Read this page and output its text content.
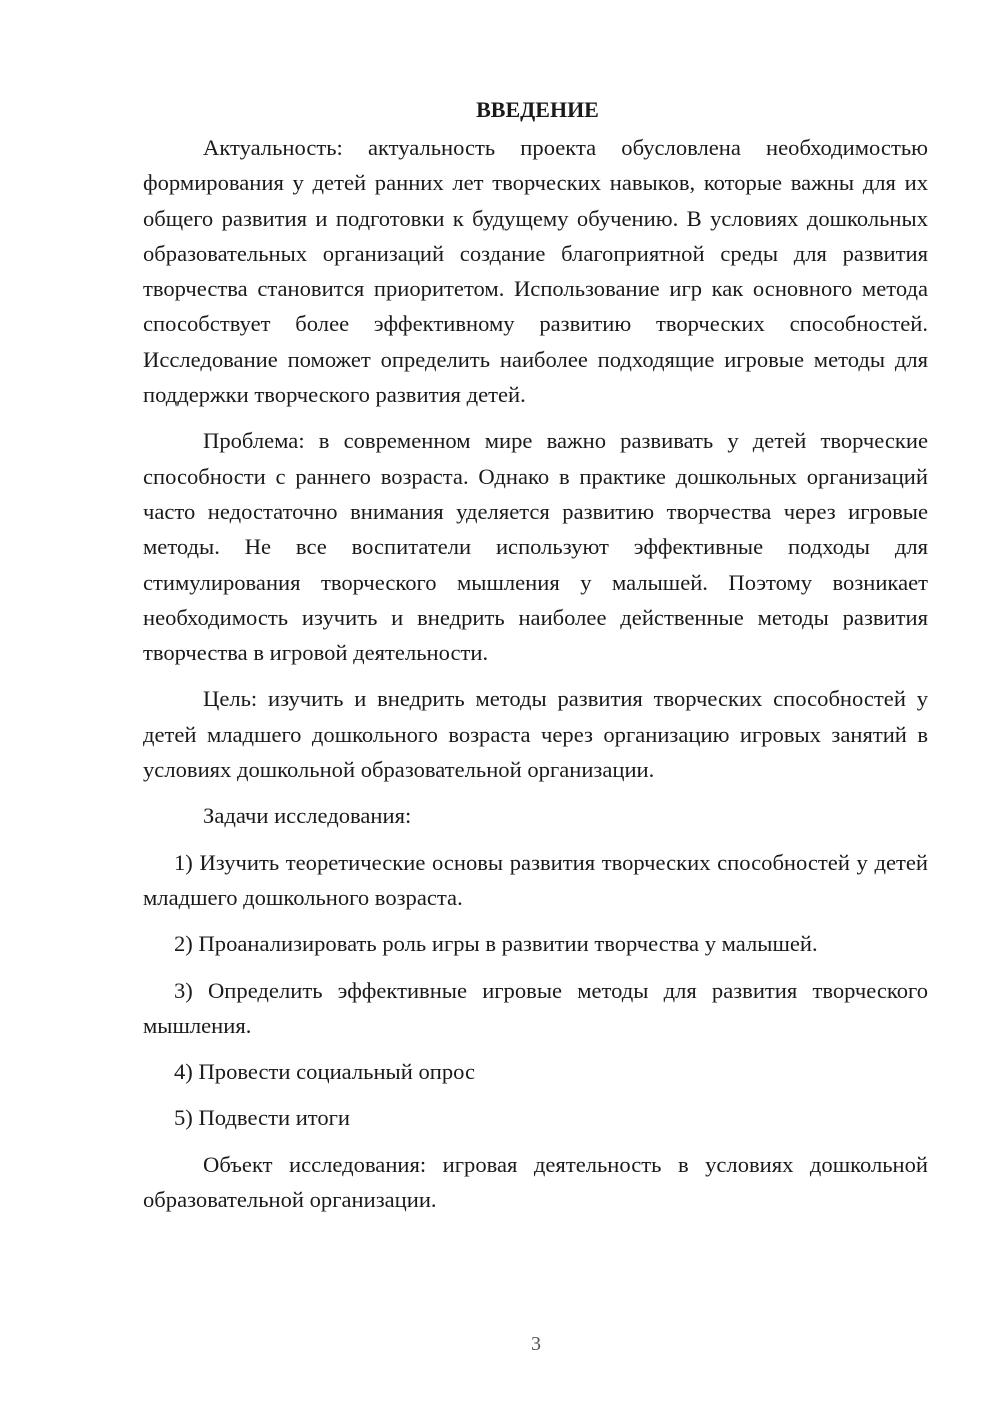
ВВЕДЕНИЕ

Актуальность: актуальность проекта обусловлена необходимостью формирования у детей ранних лет творческих навыков, которые важны для их общего развития и подготовки к будущему обучению. В условиях дошкольных образовательных организаций создание благоприятной среды для развития творчества становится приоритетом. Использование игр как основного метода способствует более эффективному развитию творческих способностей. Исследование поможет определить наиболее подходящие игровые методы для поддержки творческого развития детей.

Проблема: в современном мире важно развивать у детей творческие способности с раннего возраста. Однако в практике дошкольных организаций часто недостаточно внимания уделяется развитию творчества через игровые методы. Не все воспитатели используют эффективные подходы для стимулирования творческого мышления у малышей. Поэтому возникает необходимость изучить и внедрить наиболее действенные методы развития творчества в игровой деятельности.

Цель: изучить и внедрить методы развития творческих способностей у детей младшего дошкольного возраста через организацию игровых занятий в условиях дошкольной образовательной организации.

Задачи исследования:

1) Изучить теоретические основы развития творческих способностей у детей младшего дошкольного возраста.

2) Проанализировать роль игры в развитии творчества у малышей.

3) Определить эффективные игровые методы для развития творческого мышления.

4) Провести социальный опрос

5) Подвести итоги

Объект исследования: игровая деятельность в условиях дошкольной образовательной организации.

3
